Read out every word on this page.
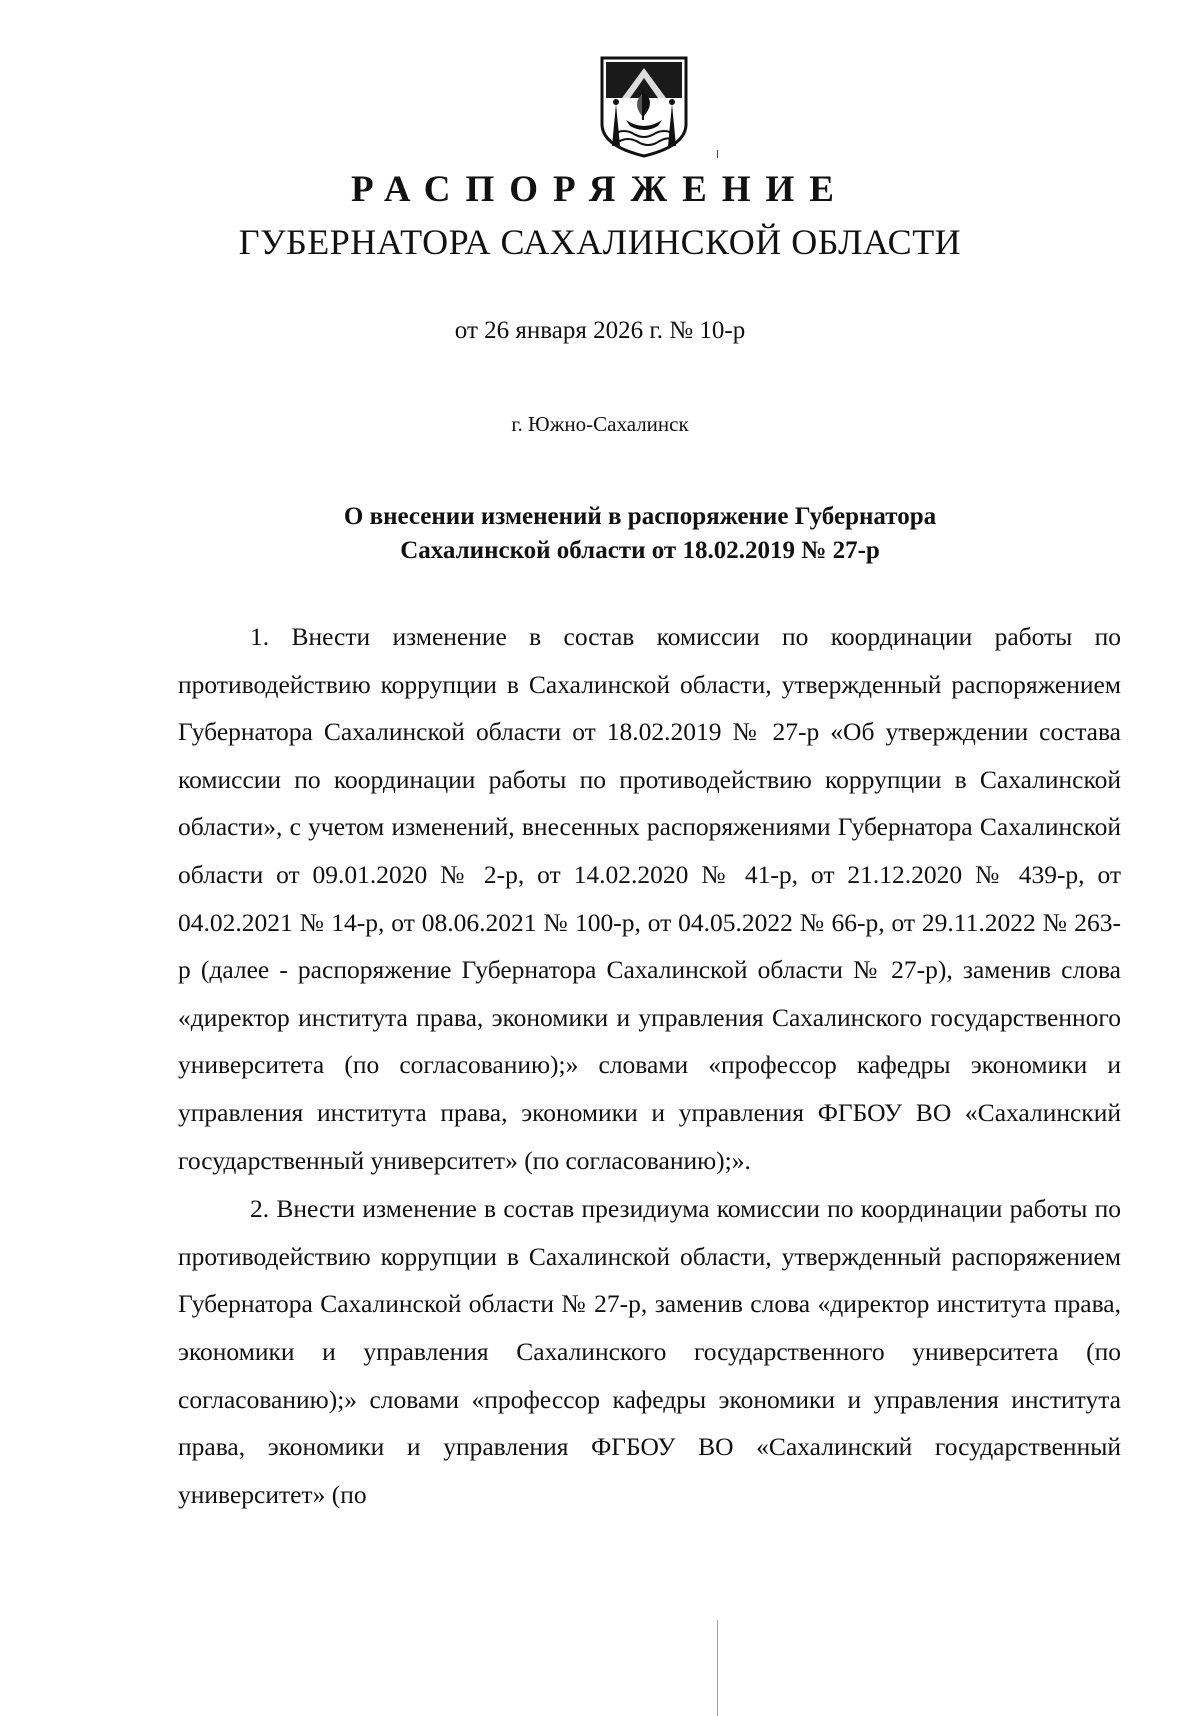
РАСПОРЯЖЕНИЕ
ГУБЕРНАТОРА САХАЛИНСКОЙ ОБЛАСТИ
от 26 января 2026 г. № 10-р
г. Южно-Сахалинск
О внесении изменений в распоряжение Губернатора
Сахалинской области от 18.02.2019 № 27-р

1. Внести изменение в состав комиссии по координации работы по противодействию коррупции в Сахалинской области, утвержденный распоряжением Губернатора Сахалинской области от 18.02.2019 № 27-р «Об утверждении состава комиссии по координации работы по противодействию коррупции в Сахалинской области», с учетом изменений, внесенных распоряжениями Губернатора Сахалинской области от 09.01.2020 № 2-р, от 14.02.2020 № 41-р, от 21.12.2020 № 439-р, от 04.02.2021 № 14-р, от 08.06.2021 № 100-р, от 04.05.2022 № 66-р, от 29.11.2022 № 263-р (далее - распоряжение Губернатора Сахалинской области № 27-р), заменив слова «директор института права, экономики и управления Сахалинского государственного университета (по согласованию);» словами «профессор кафедры экономики и управления института права, экономики и управления ФГБОУ ВО «Сахалинский государственный университет» (по согласованию);».

2. Внести изменение в состав президиума комиссии по координации работы по противодействию коррупции в Сахалинской области, утвержденный распоряжением Губернатора Сахалинской области № 27-р, заменив слова «директор института права, экономики и управления Сахалинского государственного университета (по согласованию);» словами «профессор кафедры экономики и управления института права, экономики и управления ФГБОУ ВО «Сахалинский государственный университет» (по
